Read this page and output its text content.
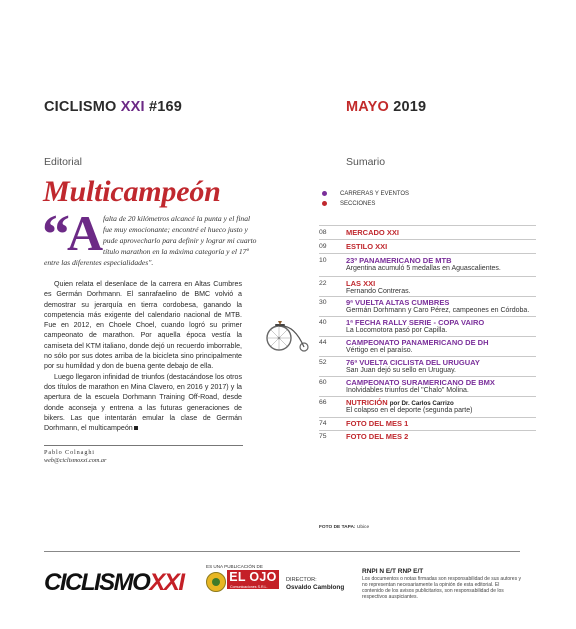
CICLISMO XXI #169	MAYO 2019
Editorial
Multicampeón
“
A falta de 20 kilómetros alcancé la punta y el final
fue muy emocionante; encontré el hueco justo y
pude aprovecharlo para definir y lograr mi cuarto
título marathon en la máxima categoría y el 17º
entre las diferentes especialidades".

Quien relata el desenlace de la carrera en Altas Cumbres es Germán Dorhmann. El sanrafaelino de BMC volvió a demostrar su jerarquía en tierra cordobesa, ganando la competencia más exigente del calendario nacional de MTB. Fue en 2012, en Choele Choel, cuando logró su primer campeonato de marathon. Por aquella época vestía la camiseta del KTM italiano, donde dejó un recuerdo imborrable, no sólo por sus dotes arriba de la bicicleta sino principalmente por su humildad y don de buena gente debajo de ella.

Luego llegaron infinidad de triunfos (destacándose los otros dos títulos de marathon en Mina Clavero, en 2016 y 2017) y la apertura de la escuela Dorhmann Training Off-Road, desde donde aconseja y entrena a las futuras generaciones de bikers. Las que intentarán emular la clase de Germán Dorhmann, el multicampeón

Pablo Colnaghi
web@ciclismoxxi.com.ar
Sumario
CARRERAS Y EVENTOS
SECCIONES
08	MERCADO XXI
09	ESTILO XXI
10	23º PANAMERICANO DE MTB
Argentina acumuló 5 medallas en Aguascalientes.
22	LAS XXI
Fernando Contreras.
30	9ª VUELTA ALTAS CUMBRES
Germán Dorhmann y Caro Pérez, campeones en Córdoba.
40	1ª FECHA RALLY SERIE - COPA VAIRO
La Locomotora pasó por Capilla.
44	CAMPEONATO PANAMERICANO DE DH
Vértigo en el paraíso.
52	76ª VUELTA CICLISTA DEL URUGUAY
San Juan dejó su sello en Uruguay.
60	CAMPEONATO SURAMERICANO DE BMX
Inolvidables triunfos del "Chalo" Molina.
66	NUTRICIÓN por Dr. Carlos Carrizo
El colapso en el deporte (segunda parte)
74	FOTO DEL MES 1
75	FOTO DEL MES 2
FOTO DE TAPA: Ubice
CICLISMOXXI
ES UNA PUBLICACIÓN DE
EL OJO
Comunicaciones S.R.L.
DIRECTOR:
Osvaldo Camblong
RNPI N E/T RNP E/T
Los documentos o notas firmadas son responsabilidad de sus autores y no representan necesariamente la opinión de esta editorial. El contenido de los avisos publicitarios, son responsabilidad de los respectivos auspiciantes.
